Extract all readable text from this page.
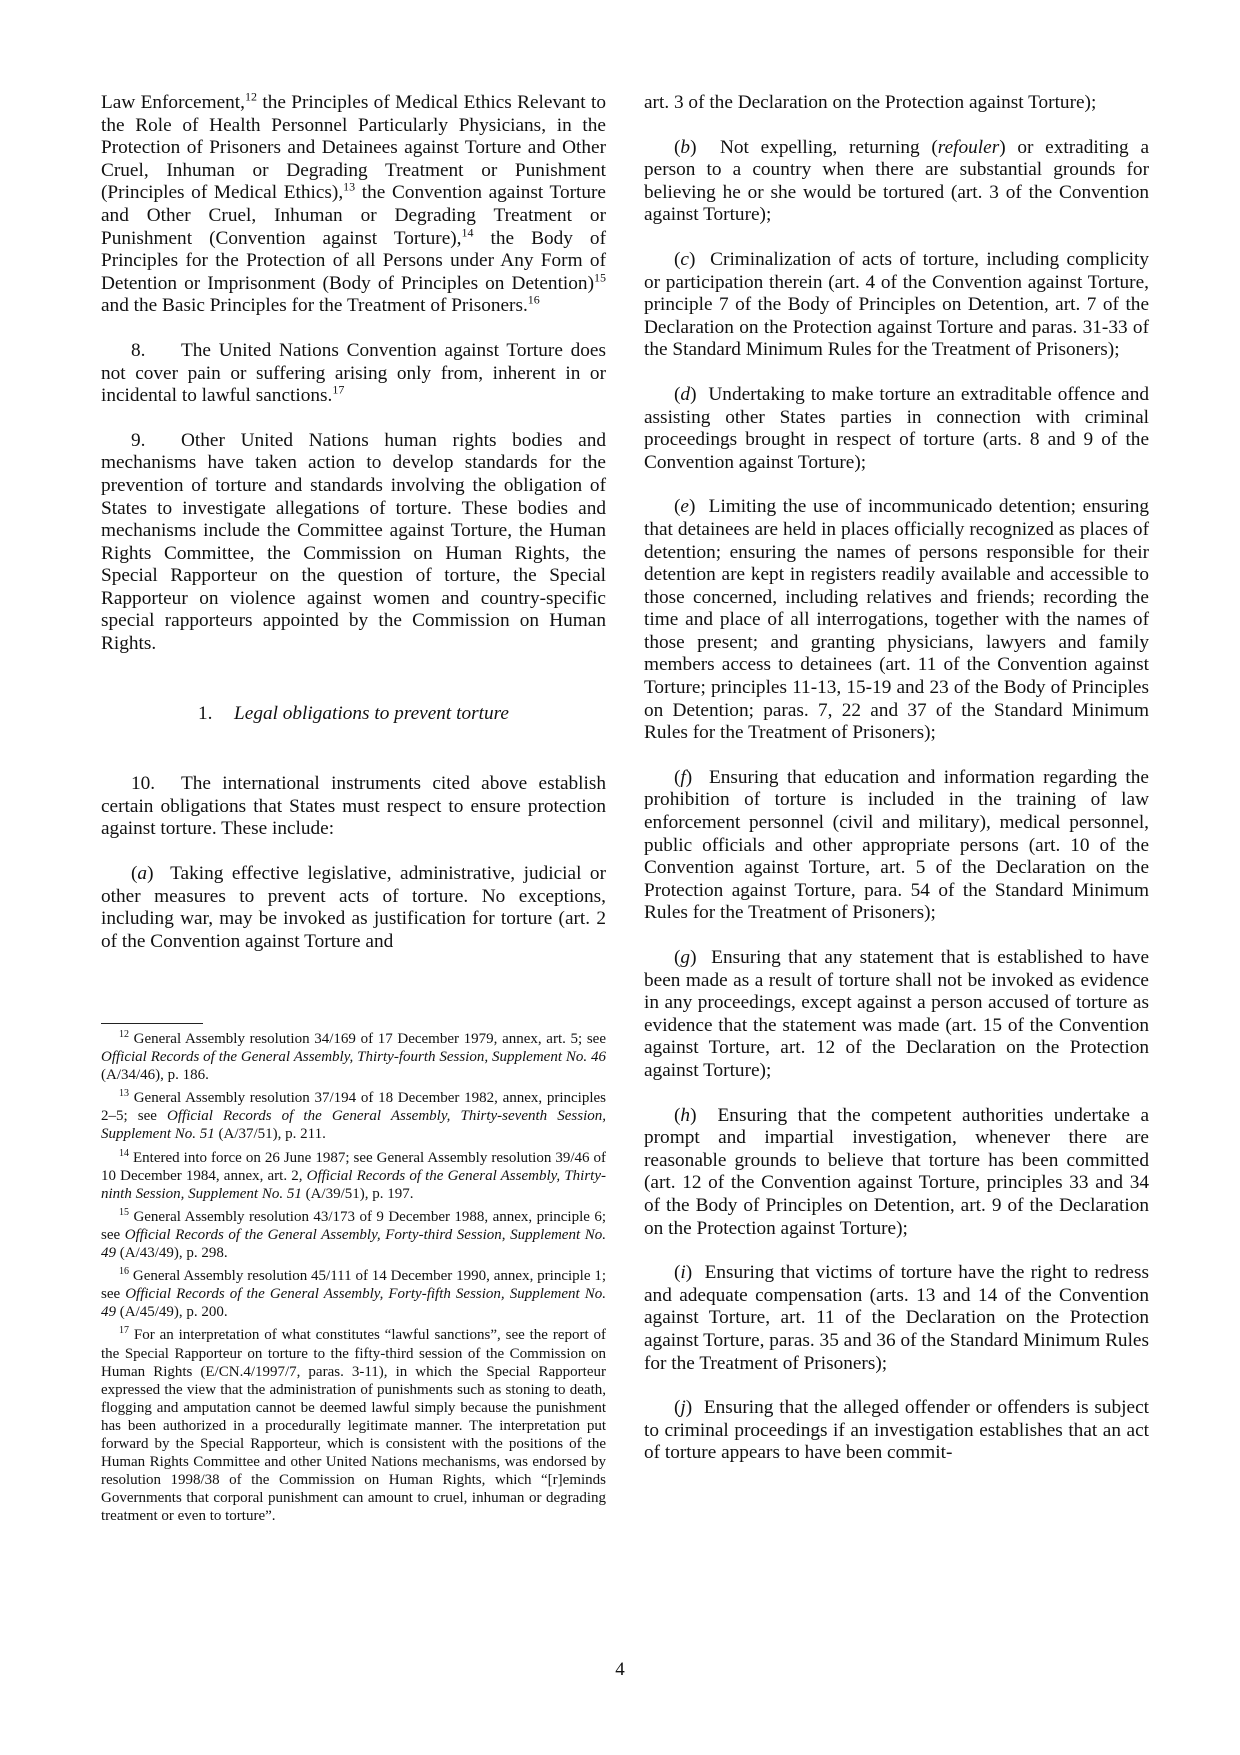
Law Enforcement,$^{12}$ the Principles of Medical Ethics Relevant to the Role of Health Personnel Particularly Physicians, in the Protection of Prisoners and Detainees against Torture and Other Cruel, Inhuman or Degrading Treatment or Punishment (Principles of Medical Ethics),$^{13}$ the Convention against Torture and Other Cruel, Inhuman or Degrading Treatment or Punishment (Convention against Torture),$^{14}$ the Body of Principles for the Protection of all Persons under Any Form of Detention or Imprisonment (Body of Principles on Detention)$^{15}$ and the Basic Principles for the Treatment of Prisoners.$^{16}$

8. The United Nations Convention against Torture does not cover pain or suffering arising only from, inherent in or incidental to lawful sanctions.$^{17}$

9. Other United Nations human rights bodies and mechanisms have taken action to develop standards for the prevention of torture and standards involving the obligation of States to investigate allegations of torture. These bodies and mechanisms include the Committee against Torture, the Human Rights Committee, the Commission on Human Rights, the Special Rapporteur on the question of torture, the Special Rapporteur on violence against women and country-specific special rapporteurs appointed by the Commission on Human Rights.

1. Legal obligations to prevent torture

10. The international instruments cited above establish certain obligations that States must respect to ensure protection against torture. These include:

(a)  Taking effective legislative, administrative, judicial or other measures to prevent acts of torture. No exceptions, including war, may be invoked as justification for torture (art. 2 of the Convention against Torture and

$^{12}$ General Assembly resolution 34/169 of 17 December 1979, annex, art. 5; see Official Records of the General Assembly, Thirty-fourth Session, Supplement No. 46 (A/34/46), p. 186.

$^{13}$ General Assembly resolution 37/194 of 18 December 1982, annex, principles 2–5; see Official Records of the General Assembly, Thirty-seventh Session, Supplement No. 51 (A/37/51), p. 211.

$^{14}$ Entered into force on 26 June 1987; see General Assembly resolution 39/46 of 10 December 1984, annex, art. 2, Official Records of the General Assembly, Thirty-ninth Session, Supplement No. 51 (A/39/51), p. 197.

$^{15}$ General Assembly resolution 43/173 of 9 December 1988, annex, principle 6; see Official Records of the General Assembly, Forty-third Session, Supplement No. 49 (A/43/49), p. 298.

$^{16}$ General Assembly resolution 45/111 of 14 December 1990, annex, principle 1; see Official Records of the General Assembly, Forty-fifth Session, Supplement No. 49 (A/45/49), p. 200.

$^{17}$ For an interpretation of what constitutes “lawful sanctions”, see the report of the Special Rapporteur on torture to the fifty-third session of the Commission on Human Rights (E/CN.4/1997/7, paras. 3-11), in which the Special Rapporteur expressed the view that the administration of punishments such as stoning to death, flogging and amputation cannot be deemed lawful simply because the punishment has been authorized in a procedurally legitimate manner. The interpretation put forward by the Special Rapporteur, which is consistent with the positions of the Human Rights Committee and other United Nations mechanisms, was endorsed by resolution 1998/38 of the Commission on Human Rights, which “[r]eminds Governments that corporal punishment can amount to cruel, inhuman or degrading treatment or even to torture”.

art. 3 of the Declaration on the Protection against Torture);

(b)  Not expelling, returning (refouler) or extraditing a person to a country when there are substantial grounds for believing he or she would be tortured (art. 3 of the Convention against Torture);

(c)  Criminalization of acts of torture, including complicity or participation therein (art. 4 of the Convention against Torture, principle 7 of the Body of Principles on Detention, art. 7 of the Declaration on the Protection against Torture and paras. 31-33 of the Standard Minimum Rules for the Treatment of Prisoners);

(d)  Undertaking to make torture an extraditable offence and assisting other States parties in connection with criminal proceedings brought in respect of torture (arts. 8 and 9 of the Convention against Torture);

(e)  Limiting the use of incommunicado detention; ensuring that detainees are held in places officially recognized as places of detention; ensuring the names of persons responsible for their detention are kept in registers readily available and accessible to those concerned, including relatives and friends; recording the time and place of all interrogations, together with the names of those present; and granting physicians, lawyers and family members access to detainees (art. 11 of the Convention against Torture; principles 11-13, 15-19 and 23 of the Body of Principles on Detention; paras. 7, 22 and 37 of the Standard Minimum Rules for the Treatment of Prisoners);

(f)  Ensuring that education and information regarding the prohibition of torture is included in the training of law enforcement personnel (civil and military), medical personnel, public officials and other appropriate persons (art. 10 of the Convention against Torture, art. 5 of the Declaration on the Protection against Torture, para. 54 of the Standard Minimum Rules for the Treatment of Prisoners);

(g)  Ensuring that any statement that is established to have been made as a result of torture shall not be invoked as evidence in any proceedings, except against a person accused of torture as evidence that the statement was made (art. 15 of the Convention against Torture, art. 12 of the Declaration on the Protection against Torture);

(h)  Ensuring that the competent authorities undertake a prompt and impartial investigation, whenever there are reasonable grounds to believe that torture has been committed (art. 12 of the Convention against Torture, principles 33 and 34 of the Body of Principles on Detention, art. 9 of the Declaration on the Protection against Torture);

(i)  Ensuring that victims of torture have the right to redress and adequate compensation (arts. 13 and 14 of the Convention against Torture, art. 11 of the Declaration on the Protection against Torture, paras. 35 and 36 of the Standard Minimum Rules for the Treatment of Prisoners);

(j)  Ensuring that the alleged offender or offenders is subject to criminal proceedings if an investigation establishes that an act of torture appears to have been commit-

4
